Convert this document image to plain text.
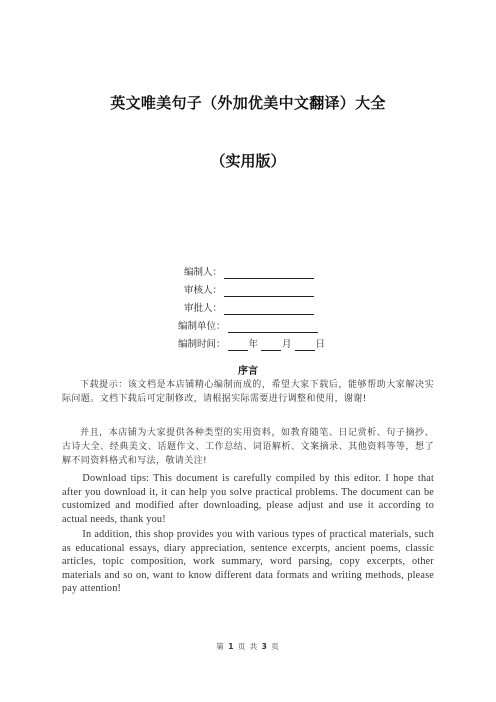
英文唯美句子（外加优美中文翻译）大全
（实用版）
编制人：
审核人：
审批人：
编制单位：
编制时间： 年	月	日
序言

下载提示：该文档是本店铺精心编制而成的，希望大家下载后，能够帮助大家解决实际问题。文档下载后可定制修改，请根据实际需要进行调整和使用，谢谢!

并且，本店铺为大家提供各种类型的实用资料，如教育随笔、日记赏析、句子摘抄、古诗大全、经典美文、话题作文、工作总结、词语解析、文案摘录、其他资料等等，想了解不同资料格式和写法，敬请关注!

Download tips: This document is carefully compiled by this editor. I hope that after you download it, it can help you solve practical problems. The document can be customized and modified after downloading, please adjust and use it according to actual needs, thank you!

In addition, this shop provides you with various types of practical materials, such as educational essays, diary appreciation, sentence excerpts, ancient poems, classic articles, topic composition, work summary, word parsing, copy excerpts, other materials and so on, want to know different data formats and writing methods, please pay attention!

第 1 页 共 3 页
